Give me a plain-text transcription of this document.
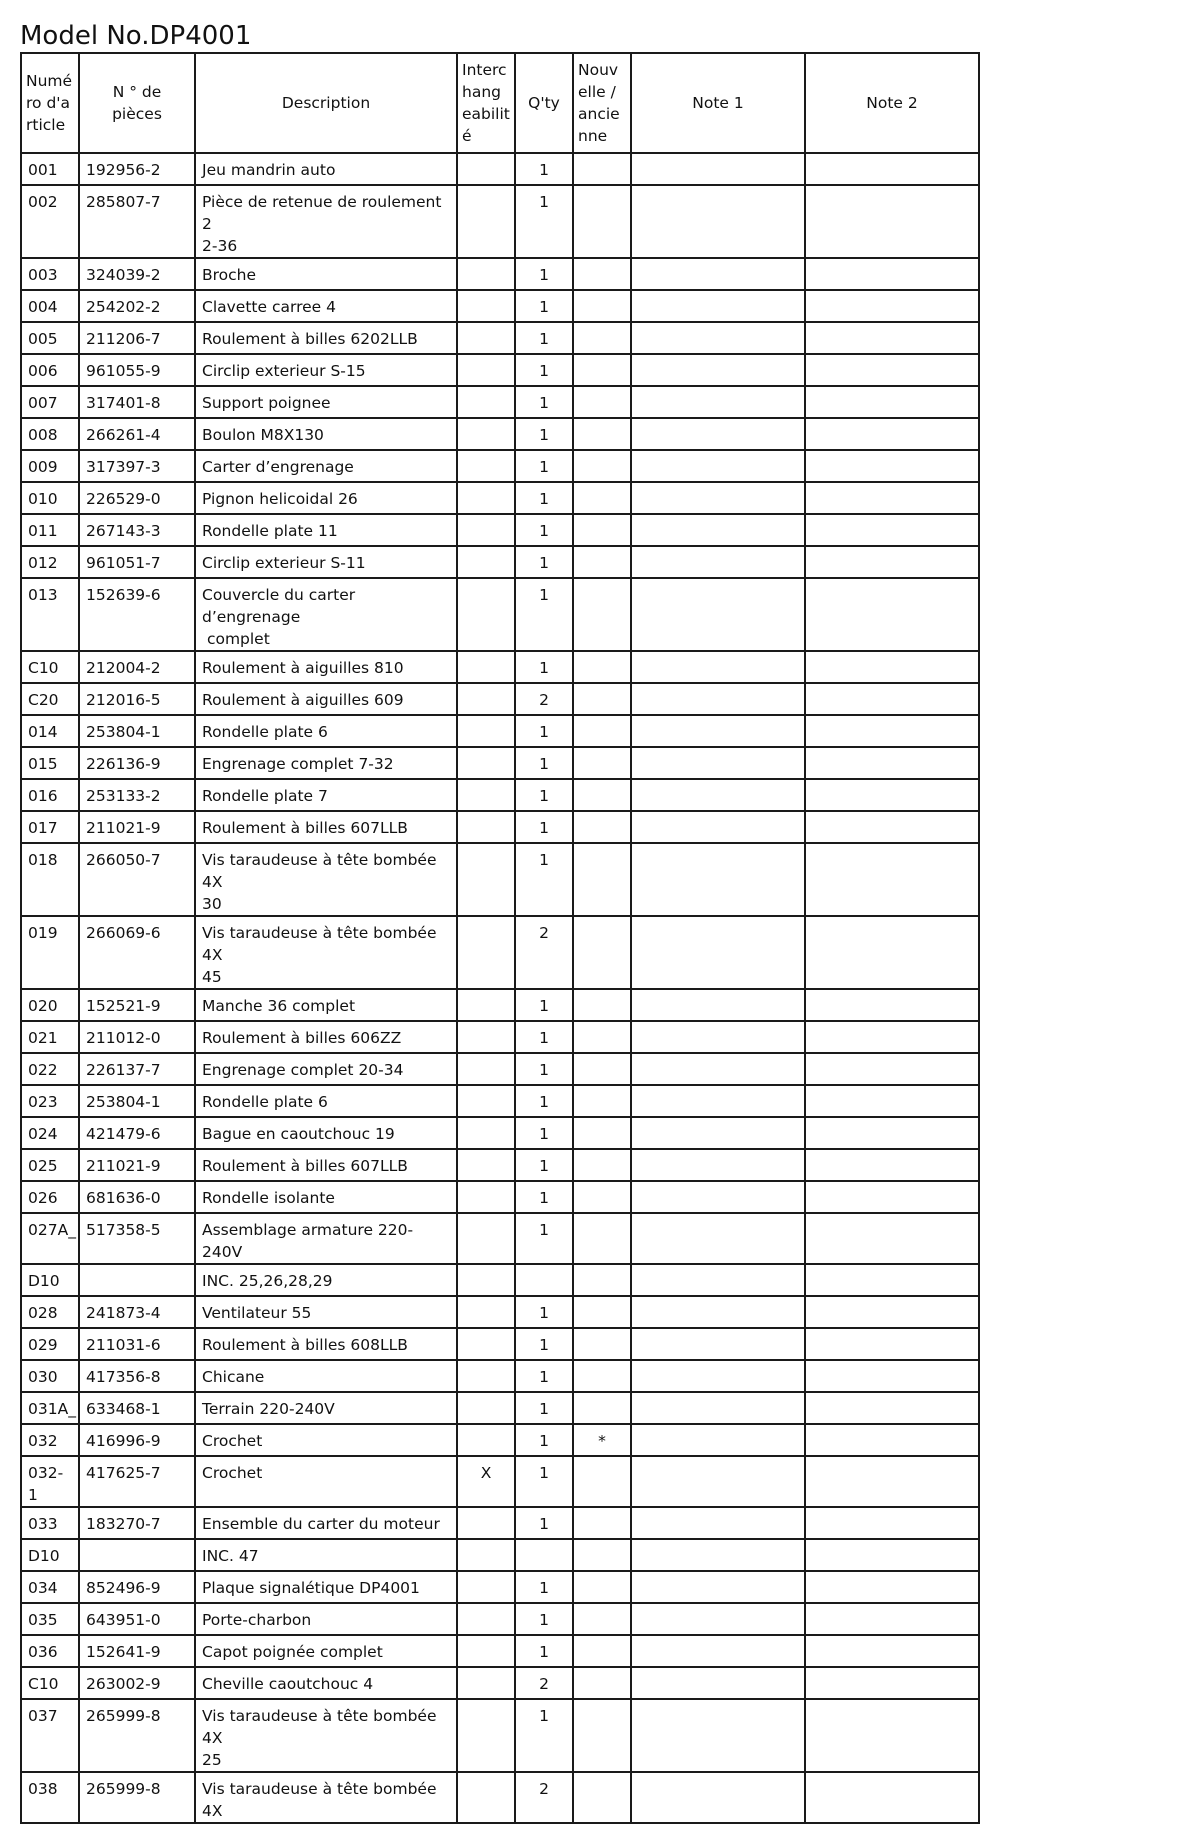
Model No.DP4001
Numé
ro d'a
rticle	N ° de pièces	Description	Interc
hang
eabilit
é	Q'ty	Nouv
elle /
ancie
nne	Note 1	Note 2
001	192956-2	Jeu mandrin auto		1			
002	285807-7	Pièce de retenue de roulement 2
2-36		1			
003	324039-2	Broche		1			
004	254202-2	Clavette carree 4		1			
005	211206-7	Roulement à billes 6202LLB		1			
006	961055-9	Circlip exterieur S-15		1			
007	317401-8	Support poignee		1			
008	266261-4	Boulon M8X130		1			
009	317397-3	Carter d’engrenage		1			
010	226529-0	Pignon helicoidal 26		1			
011	267143-3	Rondelle plate 11		1			
012	961051-7	Circlip exterieur S-11		1			
013	152639-6	Couvercle du carter d’engrenage
complet		1			
C10	212004-2	Roulement à aiguilles 810		1			
C20	212016-5	Roulement à aiguilles 609		2			
014	253804-1	Rondelle plate 6		1			
015	226136-9	Engrenage complet 7-32		1			
016	253133-2	Rondelle plate 7		1			
017	211021-9	Roulement à billes 607LLB		1			
018	266050-7	Vis taraudeuse à tête bombée 4X
30		1			
019	266069-6	Vis taraudeuse à tête bombée 4X
45		2			
020	152521-9	Manche 36 complet		1			
021	211012-0	Roulement à billes 606ZZ		1			
022	226137-7	Engrenage complet 20-34		1			
023	253804-1	Rondelle plate 6		1			
024	421479-6	Bague en caoutchouc 19		1			
025	211021-9	Roulement à billes 607LLB		1			
026	681636-0	Rondelle isolante		1			
027A_	517358-5	Assemblage armature 220-240V		1			
D10		INC. 25,26,28,29					
028	241873-4	Ventilateur 55		1			
029	211031-6	Roulement à billes 608LLB		1			
030	417356-8	Chicane		1			
031A_	633468-1	Terrain 220-240V		1			
032	416996-9	Crochet		1	*		
032-1	417625-7	Crochet	X	1			
033	183270-7	Ensemble du carter du moteur		1			
D10		INC. 47					
034	852496-9	Plaque signalétique DP4001		1			
035	643951-0	Porte-charbon		1			
036	152641-9	Capot poignée complet		1			
C10	263002-9	Cheville caoutchouc 4		2			
037	265999-8	Vis taraudeuse à tête bombée 4X
25		1			
038	265999-8	Vis taraudeuse à tête bombée 4X		2			
